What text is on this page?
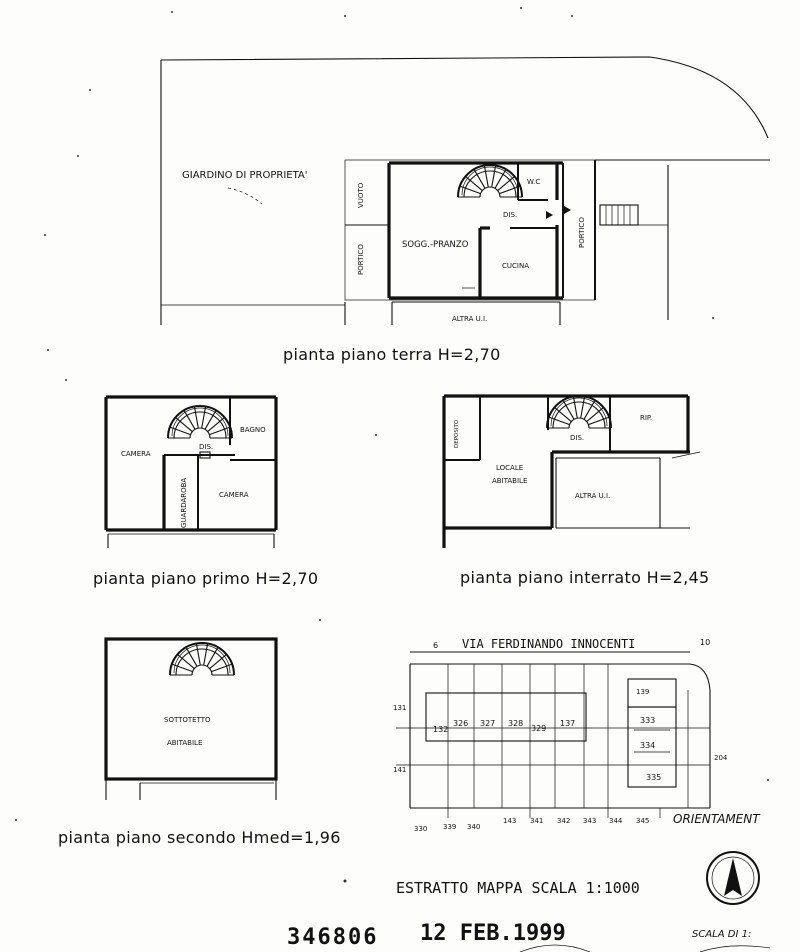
GIARDINO DI PROPRIETA'
VUOTO
PORTICO
W.C
DIS.
SOGG.-PRANZO
CUCINA
PORTICO
ALTRA U.I.
pianta piano terra H=2,70
CAMERA
BAGNO
DIS.
GUARDAROBA	CAMERA
pianta piano primo H=2,70
DEPOSITO	DIS.
RIP.
LOCALE
ABITABILE
ALTRA U.I.
pianta piano interrato H=2,45
SOTTOTETTO
ABITABILE
pianta piano secondo Hmed=1,96
6 VIA FERDINANDO INNOCENTI	10
132
326 327 328
329
137
131
141
139
333
334
335
204
330 339 340
143 341 342 343 344 345 ORIENTAMENT
ESTRATTO MAPPA SCALA 1:1000
346806 12 FEB.1999	SCALA DI 1:
